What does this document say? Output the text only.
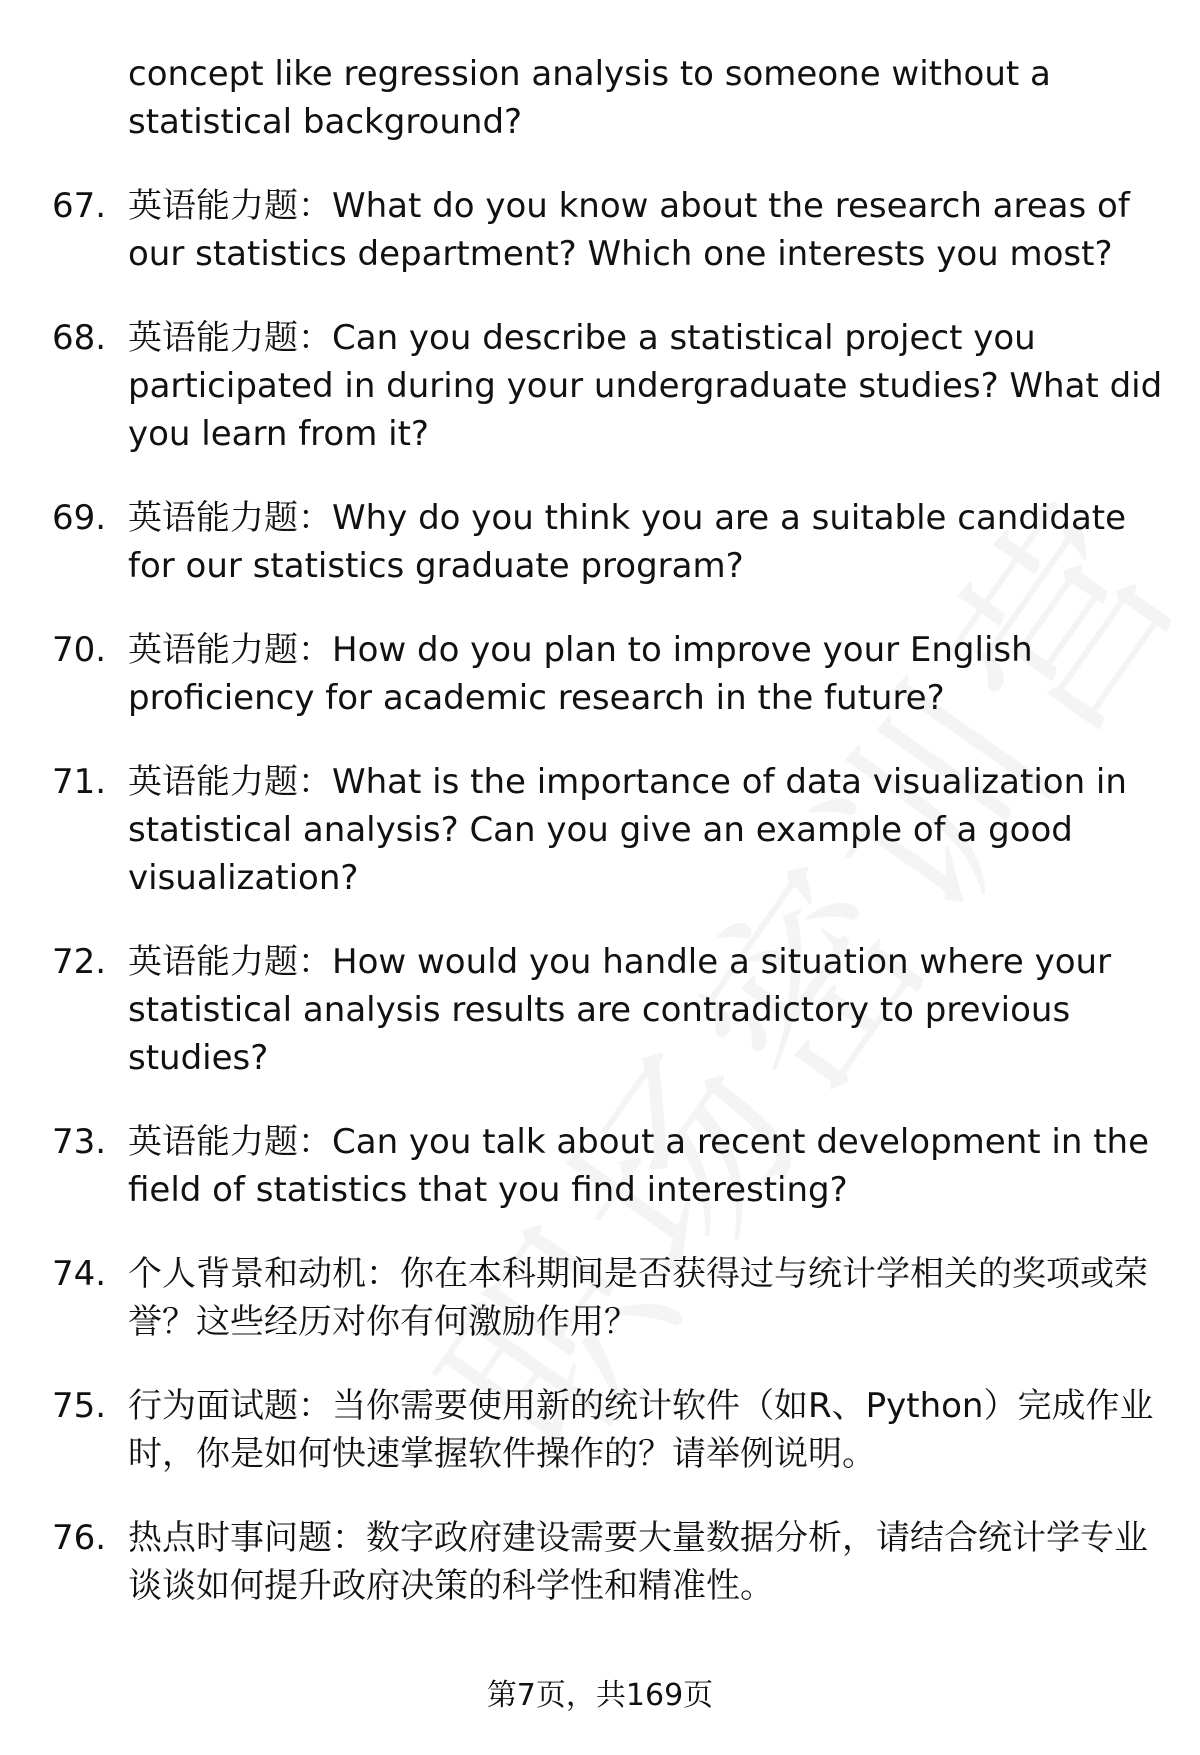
concept like regression analysis to someone without a statistical background?
67. 英语能力题：What do you know about the research areas of our statistics department? Which one interests you most?
68. 英语能力题：Can you describe a statistical project you participated in during your undergraduate studies? What did you learn from it?
69. 英语能力题：Why do you think you are a suitable candidate for our statistics graduate program?
70. 英语能力题：How do you plan to improve your English proficiency for academic research in the future?
71. 英语能力题：What is the importance of data visualization in statistical analysis? Can you give an example of a good visualization?
72. 英语能力题：How would you handle a situation where your statistical analysis results are contradictory to previous studies?
73. 英语能力题：Can you talk about a recent development in the field of statistics that you find interesting?
74. 个人背景和动机：你在本科期间是否获得过与统计学相关的奖项或荣誉？这些经历对你有何激励作用？
75. 行为面试题：当你需要使用新的统计软件（如R、Python）完成作业时，你是如何快速掌握软件操作的？请举例说明。
76. 热点时事问题：数字政府建设需要大量数据分析，请结合统计学专业谈谈如何提升政府决策的科学性和精准性。
第7页，共169页
